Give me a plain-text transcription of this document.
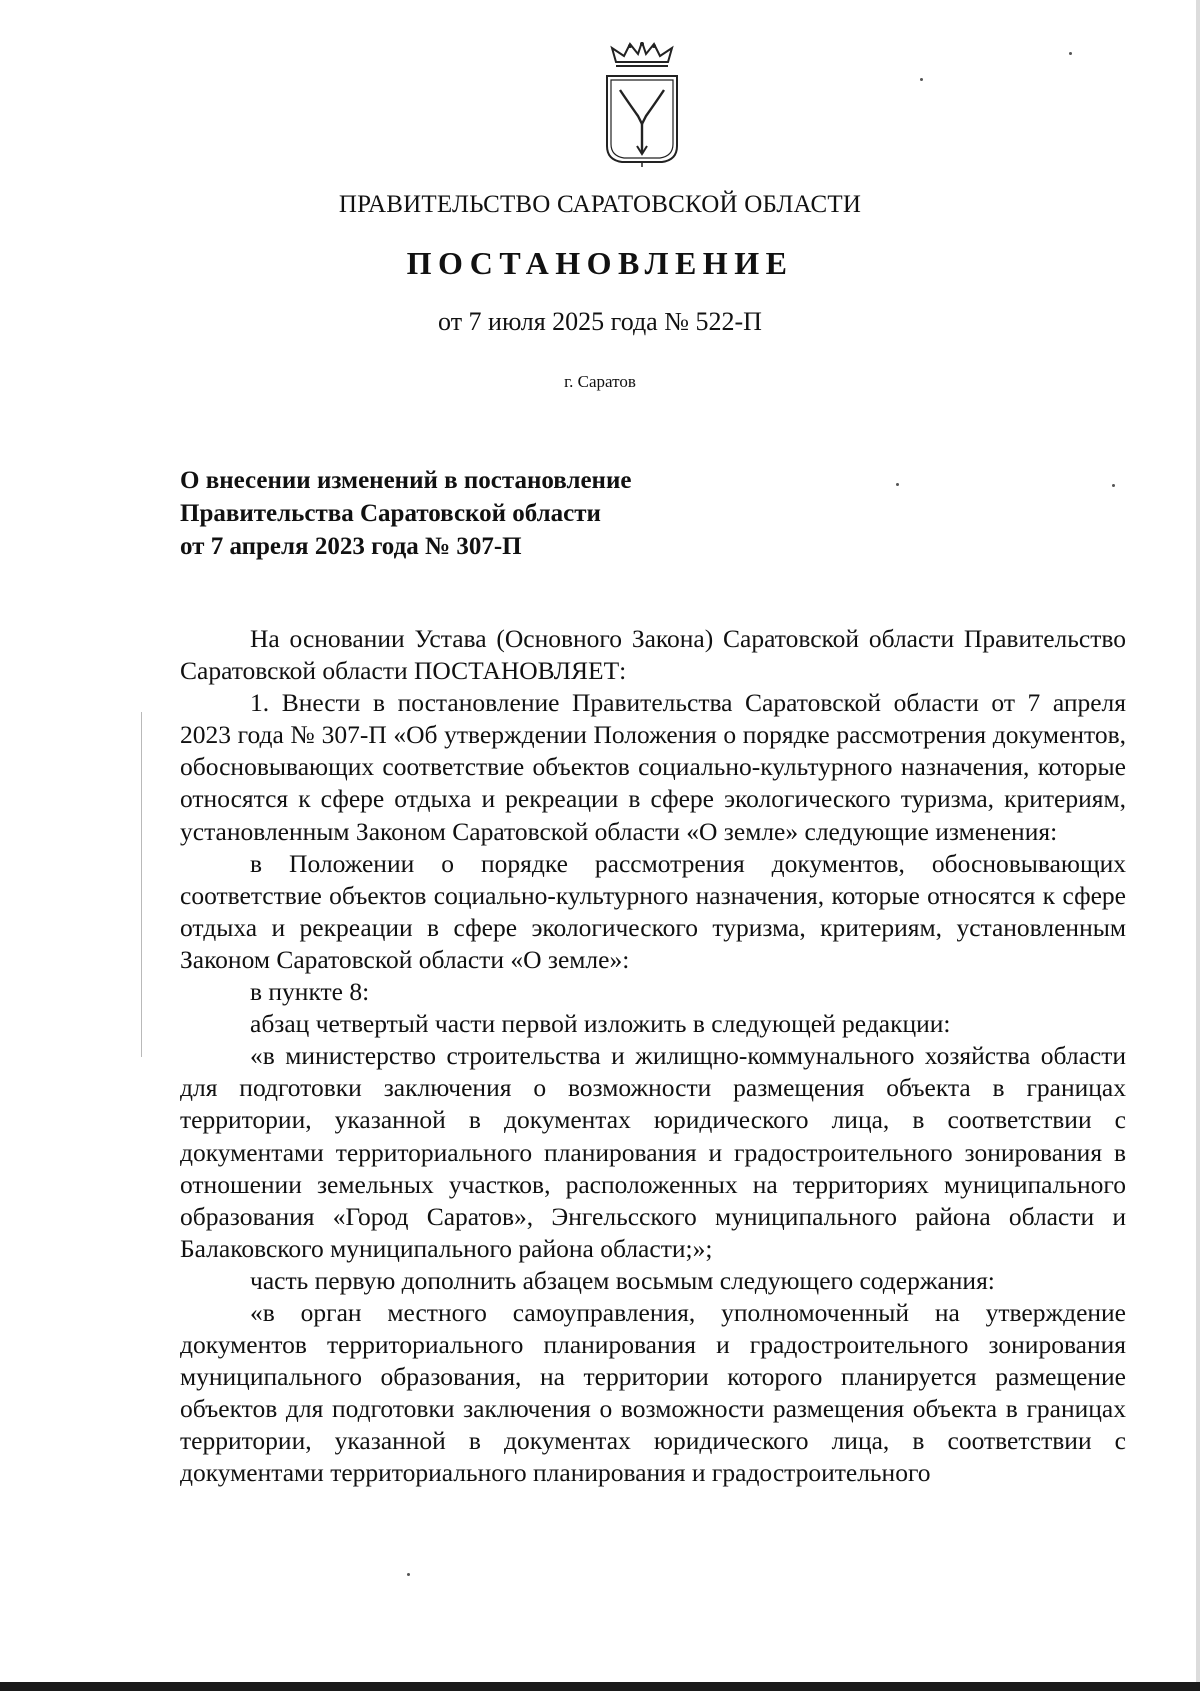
ПРАВИТЕЛЬСТВО САРАТОВСКОЙ ОБЛАСТИ
ПОСТАНОВЛЕНИЕ
от 7 июля 2025 года № 522-П
г. Саратов
О внесении изменений в постановление
Правительства Саратовской области
от 7 апреля 2023 года № 307-П

На основании Устава (Основного Закона) Саратовской области Правительство Саратовской области ПОСТАНОВЛЯЕТ:

1. Внести в постановление Правительства Саратовской области от 7 апреля 2023 года № 307-П «Об утверждении Положения о порядке рассмотрения документов, обосновывающих соответствие объектов социально-культурного назначения, которые относятся к сфере отдыха и рекреации в сфере экологического туризма, критериям, установленным Законом Саратовской области «О земле» следующие изменения:

в Положении о порядке рассмотрения документов, обосновывающих соответствие объектов социально-культурного назначения, которые относятся к сфере отдыха и рекреации в сфере экологического туризма, критериям, установленным Законом Саратовской области «О земле»:

в пункте 8:

абзац четвертый части первой изложить в следующей редакции:

«в министерство строительства и жилищно-коммунального хозяйства области для подготовки заключения о возможности размещения объекта в границах территории, указанной в документах юридического лица, в соответствии с документами территориального планирования и градостроительного зонирования в отношении земельных участков, расположенных на территориях муниципального образования «Город Саратов», Энгельсского муниципального района области и Балаковского муниципального района области;»;

часть первую дополнить абзацем восьмым следующего содержания:

«в орган местного самоуправления, уполномоченный на утверждение документов территориального планирования и градостроительного зонирования муниципального образования, на территории которого планируется размещение объектов для подготовки заключения о возможности размещения объекта в границах территории, указанной в документах юридического лица, в соответствии с документами территориального планирования и градостроительного
